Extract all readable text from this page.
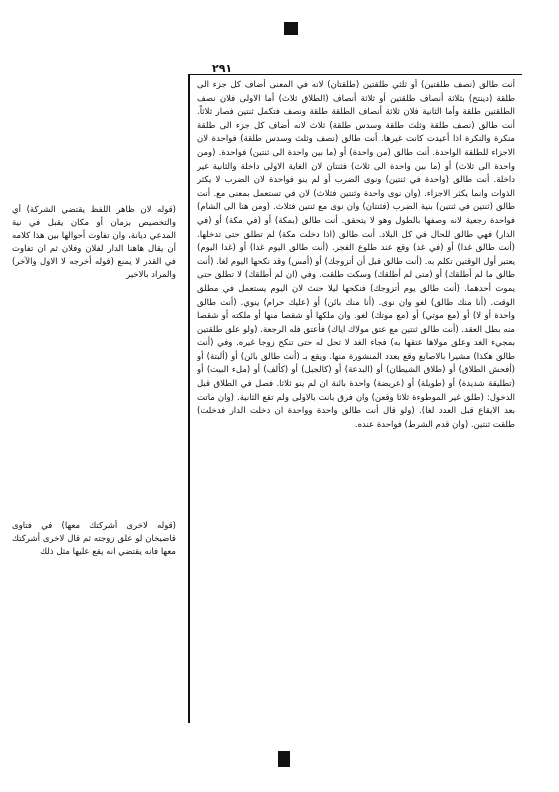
٢٩١

أنت طالق (نصف طلقتين) أو ثلثي طلقتين (طلقتان) لانه في المعنى أضاف كل جزء الى طلقة (دينتح) بثلاثة أنصاف طلقتين أو ثلاثة أنصاف (الطلاق ثلاث) أما الاولى فلان نصف الطلقتين طلقة وأما الثانية فلان ثلاثة أنصاف الطلقة طلقة ونصف فتكمل ثنتين فصار ثلاثاً. أنت طالق (نصف طلقة وثلث طلقة وسدس طلقة) ثلاث لانه أضاف كل جزء الى طلقة منكرة والنكرة اذا أعيدت كانت غيرها. أنت طالق (نصف وثلث وسدس طلقة) فواحدة لان الاجزاء للطلقة الواحدة. أنت طالق (من واحدة) أو (ما بين واحدة الى ثنتين) فواحدة. (ومن واحدة الى ثلاث) أو (ما بين واحدة الى ثلاث) فثنتان لان الغاية الاولى داخلة والثانية غير داخلة. أنت طالق (واحدة في ثنتين) ونوى الضرب أو لم ينو فواحدة لان الضرب لا يكثر الذوات وانما يكثر الاجزاء. (وان نوى واحدة وثنتين فثلاث) لان في تستعمل بمعنى مع. أنت طالق (ثنتين في ثنتين) بنية الضرب (فثنتان) وان نوى مع ثنتين فثلاث. (ومن هنا الى الشام) فواحدة رجعية لانه وصفها بالطول وهو لا يتحقق. أنت طالق (بمكة) أو (في مكة) أو (في الدار) فهي طالق للحال في كل البلاد. أنت طالق (اذا دخلت مكة) لم تطلق حتى تدخلها. (أنت طالق غدا) أو (في غد) وقع عند طلوع الفجر. (أنت طالق اليوم غدا) أو (غدا اليوم) يعتبر أول الوقتين تكلم به. (أنت طالق قبل أن أتزوجك) أو (أمس) وقد نكحها اليوم لغا. (أنت طالق ما لم أطلقك) أو (متى لم أطلقك) وسكت طلقت. وفي (ان لم أطلقك) لا تطلق حتى يموت أحدهما. (أنت طالق يوم أتزوجك) فنكحها ليلا حنث لان اليوم يستعمل في مطلق الوقت. (أنا منك طالق) لغو وان نوى. (أنا منك بائن) أو (عليك حرام) ينوي. (أنت طالق واحدة أو لا) أو (مع موتي) أو (مع موتك) لغو. وان ملكها أو شقصا منها أو ملكته أو شقصا منه بطل العقد. (أنت طالق ثنتين مع عتق مولاك اياك) فأعتق فله الرجعة. (ولو علق طلقتين بمجيء الغد وعلق مولاها عتقها به) فجاء الغد لا تحل له حتى تنكح زوجا غيره. وفي (أنت طالق هكذا) مشيرا بالاصابع وقع بعدد المنشورة منها. ويقع بـ (أنت طالق بائن) أو (ألبتة) أو (أفحش الطلاق) أو (طلاق الشيطان) أو (البدعة) أو (كالجبل) أو (كألف) أو (ملء البيت) أو (تطليقة شديدة) أو (طويلة) أو (عريضة) واحدة بائنة ان لم ينو ثلاثا. فصل في الطلاق قبل الدخول: (طلق غير الموطوءة ثلاثا وقعن) وان فرق بانت بالاولى ولم تقع الثانية. (وان ماتت بعد الايقاع قبل العدد لغا). (ولو قال أنت طالق واحدة وواحدة ان دخلت الدار فدخلت) طلقت ثنتين. (وان قدم الشرط) فواحدة عنده.

(قوله لان ظاهر اللفظ يقتضي الشركة) أي والتخصيص بزمان أو مكان يقبل في نية المدعي ديانة، وان تفاوت أحوالها بين هذا كلامه أن يقال هاهنا الدار لفلان وفلان ثم ان تفاوت في القدر لا يمنع (قوله أخرجه لا الاول والآخر) والمراد بالاخير

(قوله لاخرى أشركتك معها) في فتاوى قاضيخان لو علق زوجته ثم قال لاخرى أشركتك معها فانه يقتضي انه يقع عليها مثل ذلك
